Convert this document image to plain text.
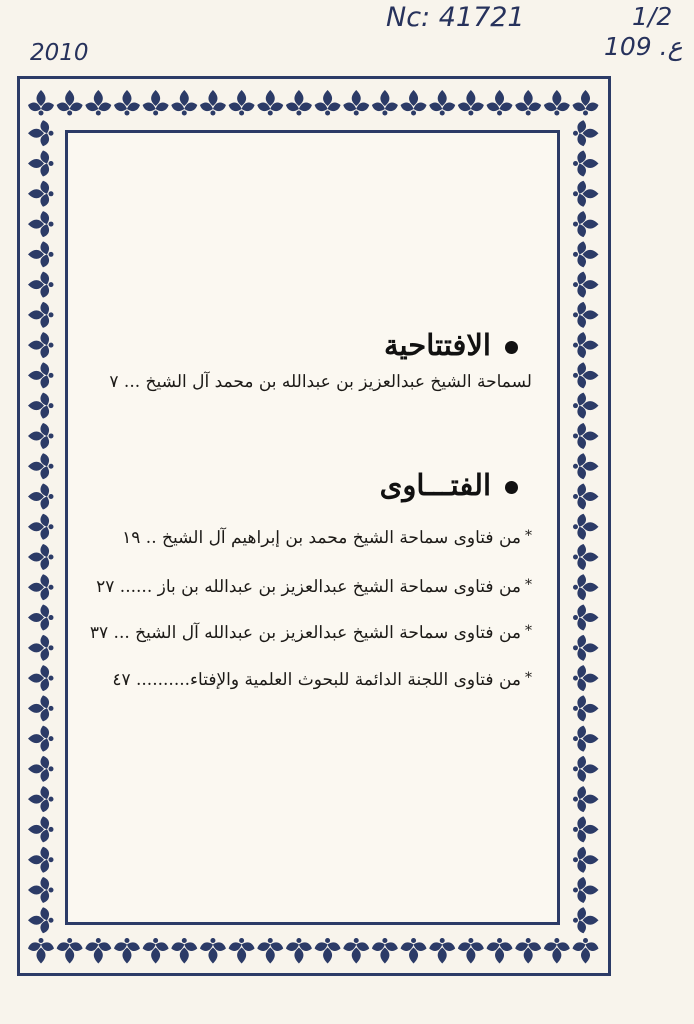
Nc: 41721	1/2
109 .ع
2010
الافتتاحية
لسماحة الشيخ عبدالعزيز بن عبدالله بن محمد آل الشيخ ... ٧
الفتـــاوى
*من فتاوى سماحة الشيخ محمد بن إبراهيم آل الشيخ .. ١٩
*من فتاوى سماحة الشيخ عبدالعزيز بن عبدالله بن باز ...... ٢٧
*من فتاوى سماحة الشيخ عبدالعزيز بن عبدالله آل الشيخ ... ٣٧
*من فتاوى اللجنة الدائمة للبحوث العلمية والإفتاء.......... ٤٧
